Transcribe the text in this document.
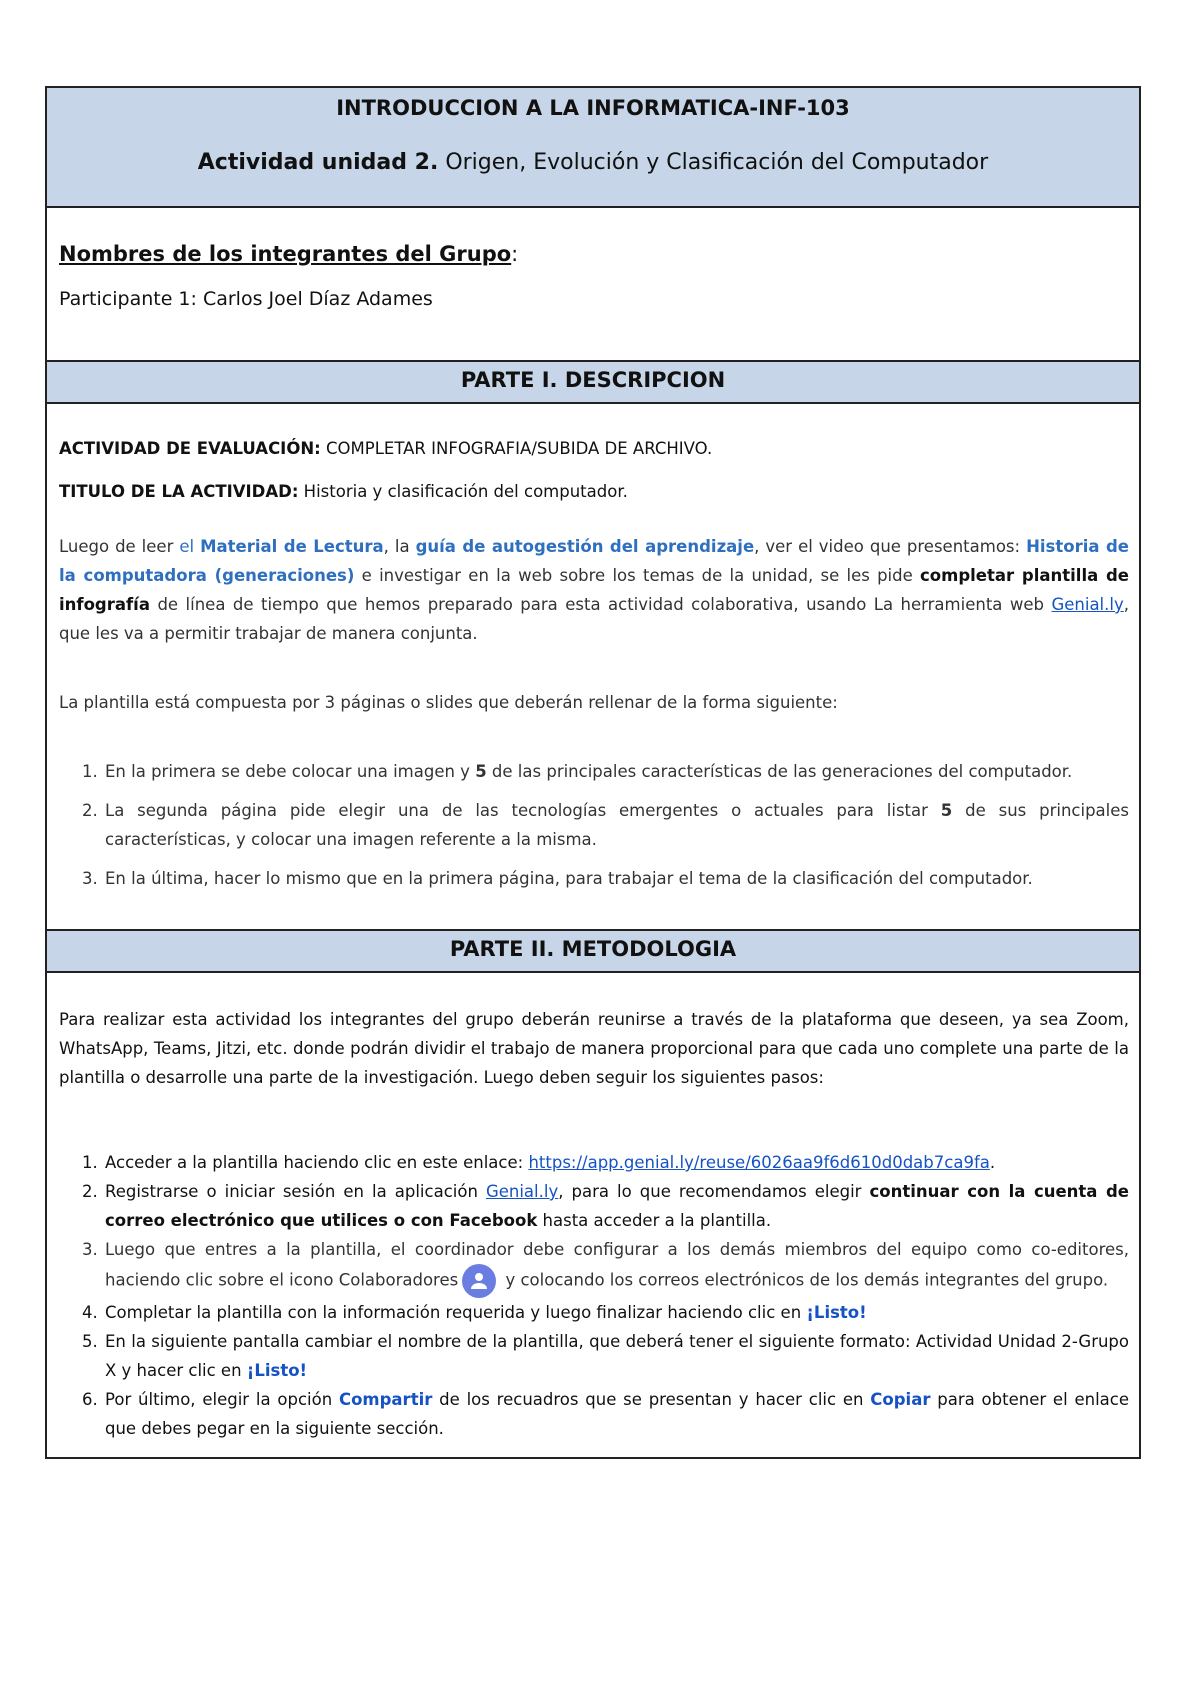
INTRODUCCION A LA INFORMATICA-INF-103
Actividad unidad 2. Origen, Evolución y Clasificación del Computador
Nombres de los integrantes del Grupo:
Participante 1: Carlos Joel Díaz Adames
PARTE I. DESCRIPCION

ACTIVIDAD DE EVALUACIÓN: COMPLETAR INFOGRAFIA/SUBIDA DE ARCHIVO.

TITULO DE LA ACTIVIDAD: Historia y clasificación del computador.

Luego de leer el Material de Lectura, la guía de autogestión del aprendizaje, ver el video que presentamos: Historia de la computadora (generaciones) e investigar en la web sobre los temas de la unidad, se les pide completar plantilla de infografía de línea de tiempo que hemos preparado para esta actividad colaborativa, usando La herramienta web Genial.ly, que les va a permitir trabajar de manera conjunta.

La plantilla está compuesta por 3 páginas o slides que deberán rellenar de la forma siguiente:

1. En la primera se debe colocar una imagen y 5 de las principales características de las generaciones del computador.
2. La segunda página pide elegir una de las tecnologías emergentes o actuales para listar 5 de sus principales características, y colocar una imagen referente a la misma.
3. En la última, hacer lo mismo que en la primera página, para trabajar el tema de la clasificación del computador.
PARTE II. METODOLOGIA

Para realizar esta actividad los integrantes del grupo deberán reunirse a través de la plataforma que deseen, ya sea Zoom, WhatsApp, Teams, Jitzi, etc. donde podrán dividir el trabajo de manera proporcional para que cada uno complete una parte de la plantilla o desarrolle una parte de la investigación. Luego deben seguir los siguientes pasos:

1. Acceder a la plantilla haciendo clic en este enlace: https://app.genial.ly/reuse/6026aa9f6d610d0dab7ca9fa.
2. Registrarse o iniciar sesión en la aplicación Genial.ly, para lo que recomendamos elegir continuar con la cuenta de correo electrónico que utilices o con Facebook hasta acceder a la plantilla.
3. Luego que entres a la plantilla, el coordinador debe configurar a los demás miembros del equipo como co-editores, haciendo clic sobre el icono Colaboradores	y colocando los correos electrónicos de los demás integrantes del grupo.
4. Completar la plantilla con la información requerida y luego finalizar haciendo clic en ¡Listo!
5. En la siguiente pantalla cambiar el nombre de la plantilla, que deberá tener el siguiente formato: Actividad Unidad 2-Grupo X y hacer clic en ¡Listo!
6. Por último, elegir la opción Compartir de los recuadros que se presentan y hacer clic en Copiar para obtener el enlace que debes pegar en la siguiente sección.
